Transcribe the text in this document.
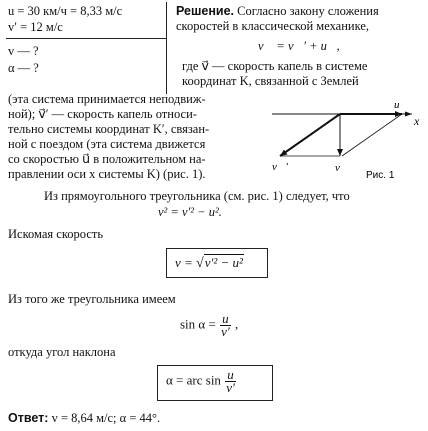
u = 30 км/ч = 8,33 м/с
v′ = 12 м/с
v — ?
α — ?
Решение. Согласно закону сложения
скоростей в классической механике,
v⃗ = v⃗′ + u⃗,
где v⃗ — скорость капель в системе
координат K, связанной с Землей
(эта система принимается неподвиж-
ной); v⃗′ — скорость капель относи-
тельно системы координат K′, связан-
ной с поездом (эта система движется
со скоростью u⃗ в положительном на-
правлении оси x системы K) (рис. 1).
x
u⃗
v⃗′	v⃗
Рис. 1
Из прямоугольного треугольника (см. рис. 1) следует, что
v² = v′² − u².
Искомая скорость
v = √v′² − u²
Из того же треугольника имеем
$\sin \alpha = \frac{u}{v'}$ ,
откуда угол наклона
α = arc $\sin \frac{u}{v'}$
Ответ: v = 8,64 м/с; α = 44°.
